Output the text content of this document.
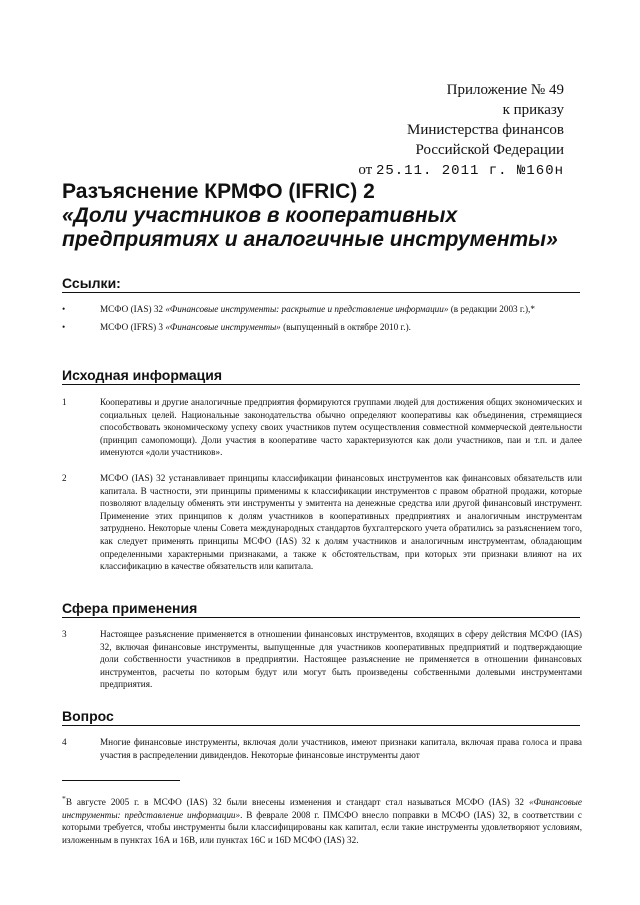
Приложение № 49
к приказу
Министерства финансов
Российской Федерации
от 25.11. 2011 г. №160н
Разъяснение КРМФО (IFRIC) 2
«Доли участников в кооперативных
предприятиях и аналогичные инструменты»
Ссылки:
•	МСФО (IAS) 32 «Финансовые инструменты: раскрытие и представление информации» (в редакции 2003 г.),*
•	МСФО (IFRS) 3 «Финансовые инструменты» (выпущенный в октябре 2010 г.).
Исходная информация
1	Кооперативы и другие аналогичные предприятия формируются группами людей для достижения общих экономических и социальных целей. Национальные законодательства обычно определяют кооперативы как объединения, стремящиеся способствовать экономическому успеху своих участников путем осуществления совместной коммерческой деятельности (принцип самопомощи). Доли участия в кооперативе часто характеризуются как доли участников, паи и т.п. и далее именуются «доли участников».
2	МСФО (IAS) 32 устанавливает принципы классификации финансовых инструментов как финансовых обязательств или капитала. В частности, эти принципы применимы к классификации инструментов с правом обратной продажи, которые позволяют владельцу обменять эти инструменты у эмитента на денежные средства или другой финансовый инструмент. Применение этих принципов к долям участников в кооперативных предприятиях и аналогичным инструментам затруднено. Некоторые члены Совета международных стандартов бухгалтерского учета обратились за разъяснением того, как следует применять принципы МСФО (IAS) 32 к долям участников и аналогичным инструментам, обладающим определенными характерными признаками, а также к обстоятельствам, при которых эти признаки влияют на их классификацию в качестве обязательств или капитала.
Сфера применения
3	Настоящее разъяснение применяется в отношении финансовых инструментов, входящих в сферу действия МСФО (IAS) 32, включая финансовые инструменты, выпущенные для участников кооперативных предприятий и подтверждающие доли собственности участников в предприятии. Настоящее разъяснение не применяется в отношении финансовых инструментов, расчеты по которым будут или могут быть произведены собственными долевыми инструментами предприятия.
Вопрос
4	Многие финансовые инструменты, включая доли участников, имеют признаки капитала, включая права голоса и права участия в распределении дивидендов. Некоторые финансовые инструменты дают

*В августе 2005 г. в МСФО (IAS) 32 были внесены изменения и стандарт стал называться МСФО (IAS) 32 «Финансовые инструменты: представление информации». В феврале 2008 г. ПМСФО внесло поправки в МСФО (IAS) 32, в соответствии с которыми требуется, чтобы инструменты были классифицированы как капитал, если такие инструменты удовлетворяют условиям, изложенным в пунктах 16А и 16В, или пунктах 16С и 16D МСФО (IAS) 32.
